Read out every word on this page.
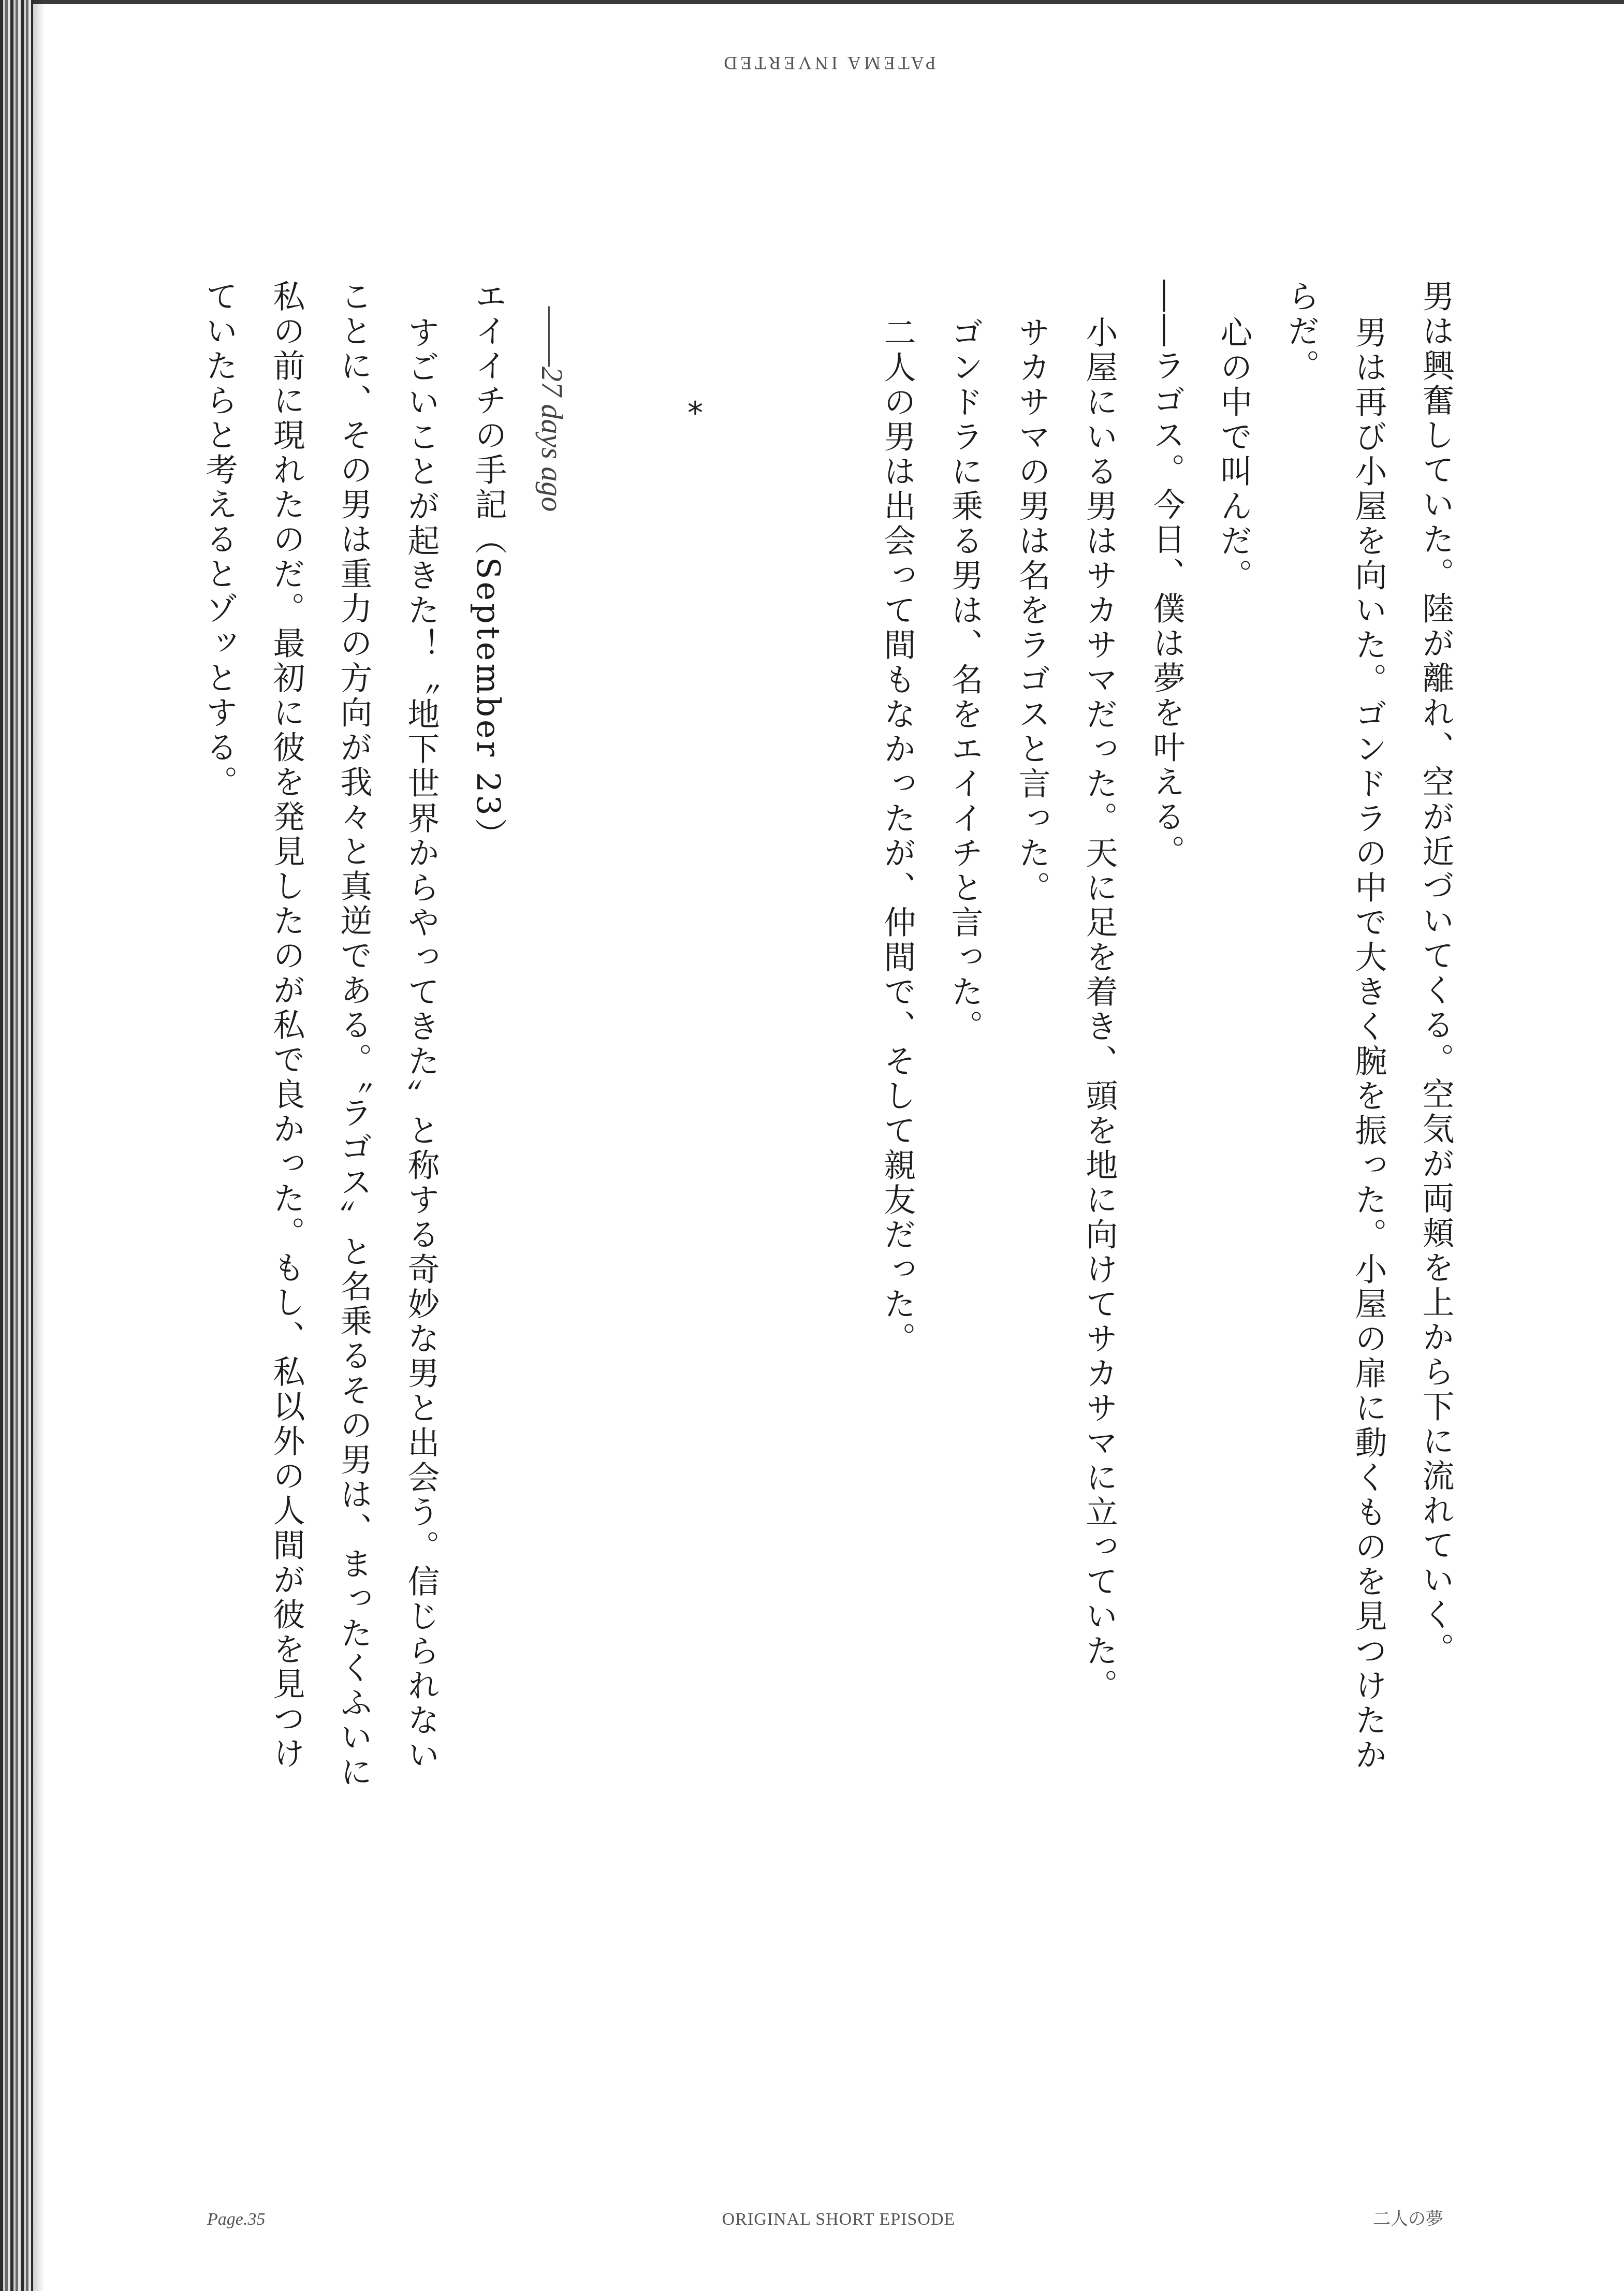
PATEMA INVERTED
男は興奮していた。陸が離れ、空が近づいてくる。空気が両頬を上から下に流れていく。
男は再び小屋を向いた。ゴンドラの中で大きく腕を振った。小屋の扉に動くものを見つけたか
らだ。
心の中で叫んだ。
――ラゴス。今日、僕は夢を叶える。
小屋にいる男はサカサマだった。天に足を着き、頭を地に向けてサカサマに立っていた。
サカサマの男は名をラゴスと言った。
ゴンドラに乗る男は、名をエイイチと言った。
二人の男は出会って間もなかったが、仲間で、そして親友だった。
*
――27 days ago
エイイチの手記（September 23）
すごいことが起きた！〝地下世界からやってきた〟と称する奇妙な男と出会う。信じられない
ことに、その男は重力の方向が我々と真逆である。〝ラゴス〟と名乗るその男は、まったくふいに
私の前に現れたのだ。最初に彼を発見したのが私で良かった。もし、私以外の人間が彼を見つけ
ていたらと考えるとゾッとする。
Page.35	ORIGINAL SHORT EPISODE	二人の夢
